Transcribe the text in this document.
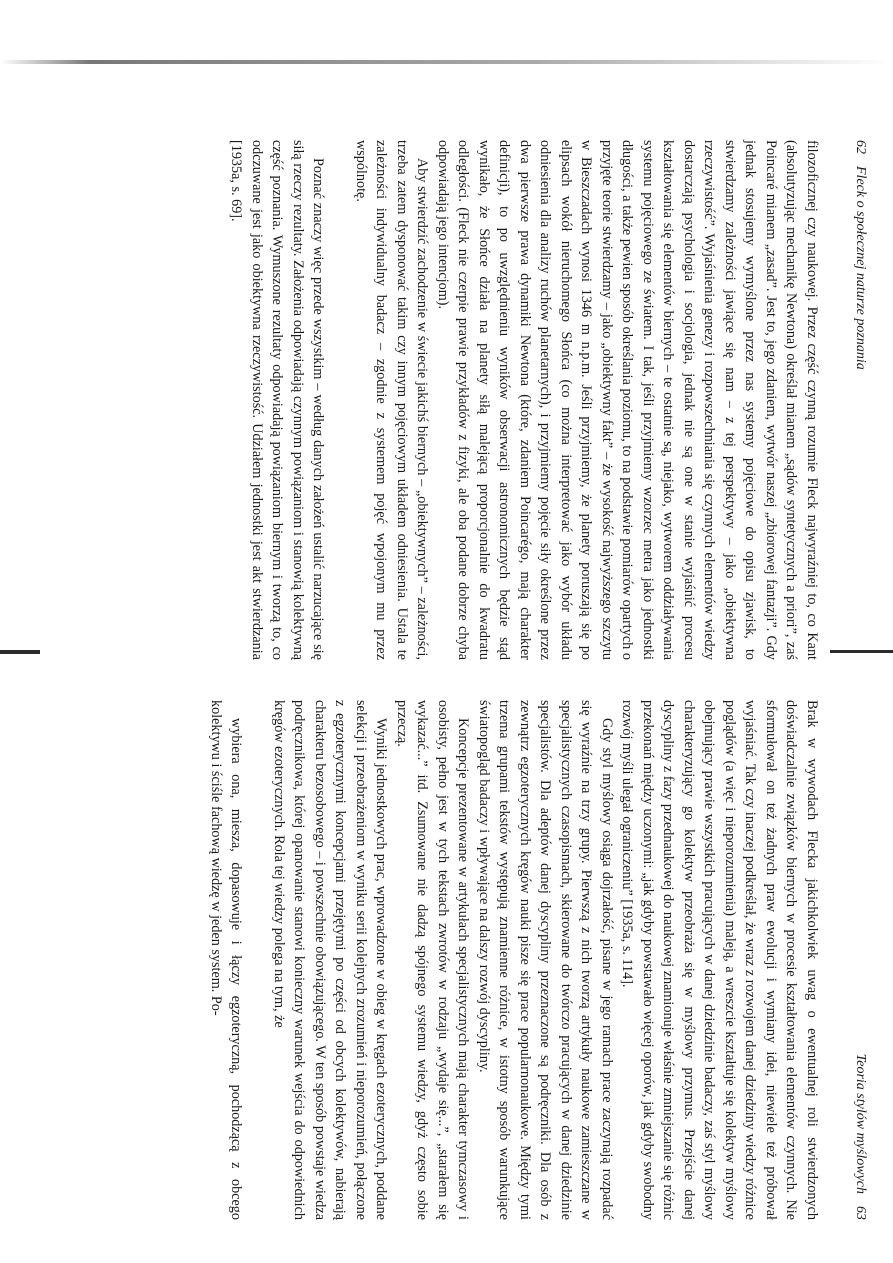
62 Fleck o społecznej naturze poznania

filozoficznej czy naukowej. Przez część czynną rozumie Fleck najwyraźniej to, co Kant (absolutyzując mechanikę Newtona) określał mianem „sądów syntetycznych a priori”, zaś Poincaré mianem „zasad”. Jest to, jego zdaniem, wytwór naszej „zbiorowej fantazji”. Gdy jednak stosujemy wymyślone przez nas systemy pojęciowe do opisu zjawisk, to stwierdzamy zależności jawiące się nam – z tej perspektywy – jako „obiektywna rzeczywistość”. Wyjaśnienia genezy i rozpowszechniania się czynnych elementów wiedzy dostarczają psychologia i socjologia, jednak nie są one w stanie wyjaśnić procesu kształtowania się elementów biernych – te ostatnie są, niejako, wytworem oddziaływania systemu pojęciowego ze światem. I tak, jeśli przyjmiemy wzorzec metra jako jednostki długości, a także pewien sposób określania poziomu, to na podstawie pomiarów opartych o przyjęte teorie stwierdzamy – jako „obiektywny fakt” – że wysokość najwyższego szczytu w Bieszczadach wynosi 1346 m n.p.m. Jeśli przyjmiemy, że planety poruszają się po elipsach wokół nieruchomego Słońca (co można interpretować jako wybór układu odniesienia dla analizy ruchów planetarnych), i przyjmiemy pojęcie siły określone przez dwa pierwsze prawa dynamiki Newtona (które, zdaniem Poincarégo, mają charakter definicji), to po uwzględnieniu wyników obserwacji astronomicznych będzie stąd wynikało, że Słońce działa na planety siłą malejącą proporcjonalnie do kwadratu odległości. (Fleck nie czerpie prawie przykładów z fizyki, ale oba podane dobrze chyba odpowiadają jego intencjom).

Aby stwierdzić zachodzenie w świecie jakichś biernych – „obiektywnych” – zależności, trzeba zatem dysponować takim czy innym pojęciowym układem odniesienia. Ustala te zależności indywidualny badacz – zgodnie z systemem pojęć wpojonym mu przez wspólnotę.

Poznać znaczy więc przede wszystkim – według danych założeń ustalić narzucające się siłą rzeczy rezultaty. Założenia odpowiadają czynnym powiązaniom i stanowią kolektywną część poznania. Wymuszone rezultaty odpowiadają powiązaniom biernym i tworzą to, co odczuwane jest jako obiektywna rzeczywistość. Udziałem jednostki jest akt stwierdzania [1935a, s. 69].

Teoria stylów myślowych 63

Brak w wywodach Flecka jakichkolwiek uwag o ewentualnej roli stwierdzonych doświadczalnie związków biernych w procesie kształtowania elementów czynnych. Nie sformułował on też żadnych praw ewolucji i wymiany idei, niewiele też próbował wyjaśniać. Tak czy inaczej podkreślał, że wraz z rozwojem danej dziedziny wiedzy różnice poglądów (a więc i nieporozumienia) maleją, a wreszcie kształtuje się kolektyw myślowy obejmujący prawie wszystkich pracujących w danej dziedzinie badaczy, zaś styl myślowy charakteryzujący go kolektyw przeobraża się w myślowy przymus. Przejście danej dyscypliny z fazy przednaukowej do naukowej znamionuje właśnie zmniejszanie się różnic przekonań między uczonymi: „jak gdyby powstawało więcej oporów, jak gdyby swobodny rozwój myśli ulegał ograniczeniu” [1935a, s. 114].

Gdy styl myślowy osiąga dojrzałość, pisane w jego ramach prace zaczynają rozpadać się wyraźnie na trzy grupy. Pierwszą z nich tworzą artykuły naukowe zamieszczane w specjalistycznych czasopismach, skierowane do twórczo pracujących w danej dziedzinie specjalistów. Dla adeptów danej dyscypliny przeznaczone są podręczniki. Dla osób z zewnątrz egzoterycznych kręgów nauki pisze się prace popularnonaukowe. Między tymi trzema grupami tekstów występują znamienne różnice, w istotny sposób warunkujące światopogląd badaczy i wpływające na dalszy rozwój dyscypliny.

Koncepcje prezentowane w artykułach specjalistycznych mają charakter tymczasowy i osobisty, pełno jest w tych tekstach zwrotów w rodzaju „wydaje się...”, „starałem się wykazać...” itd. Zsumowane nie dadzą spójnego systemu wiedzy, gdyż często sobie przeczą.

Wyniki jednostkowych prac, wprowadzone w obieg w kręgach ezoterycznych, poddane selekcji i przeobrażeniom w wyniku serii kolejnych zrozumień i nieporozumień, połączone z egzoterycznymi koncepcjami przejętymi po części od obcych kolektywów, nabierają charakteru bezosobowego – i powszechnie obowiązującego. W ten sposób powstaje wiedza podręcznikowa, której opanowanie stanowi konieczny warunek wejścia do odpowiednich kręgów ezoterycznych. Rola tej wiedzy polega na tym, że

wybiera ona, miesza, dopasowuje i łączy egzoteryczną, pochodzącą z obcego kolektywu i ściśle fachową wiedzę w jeden system. Po-
